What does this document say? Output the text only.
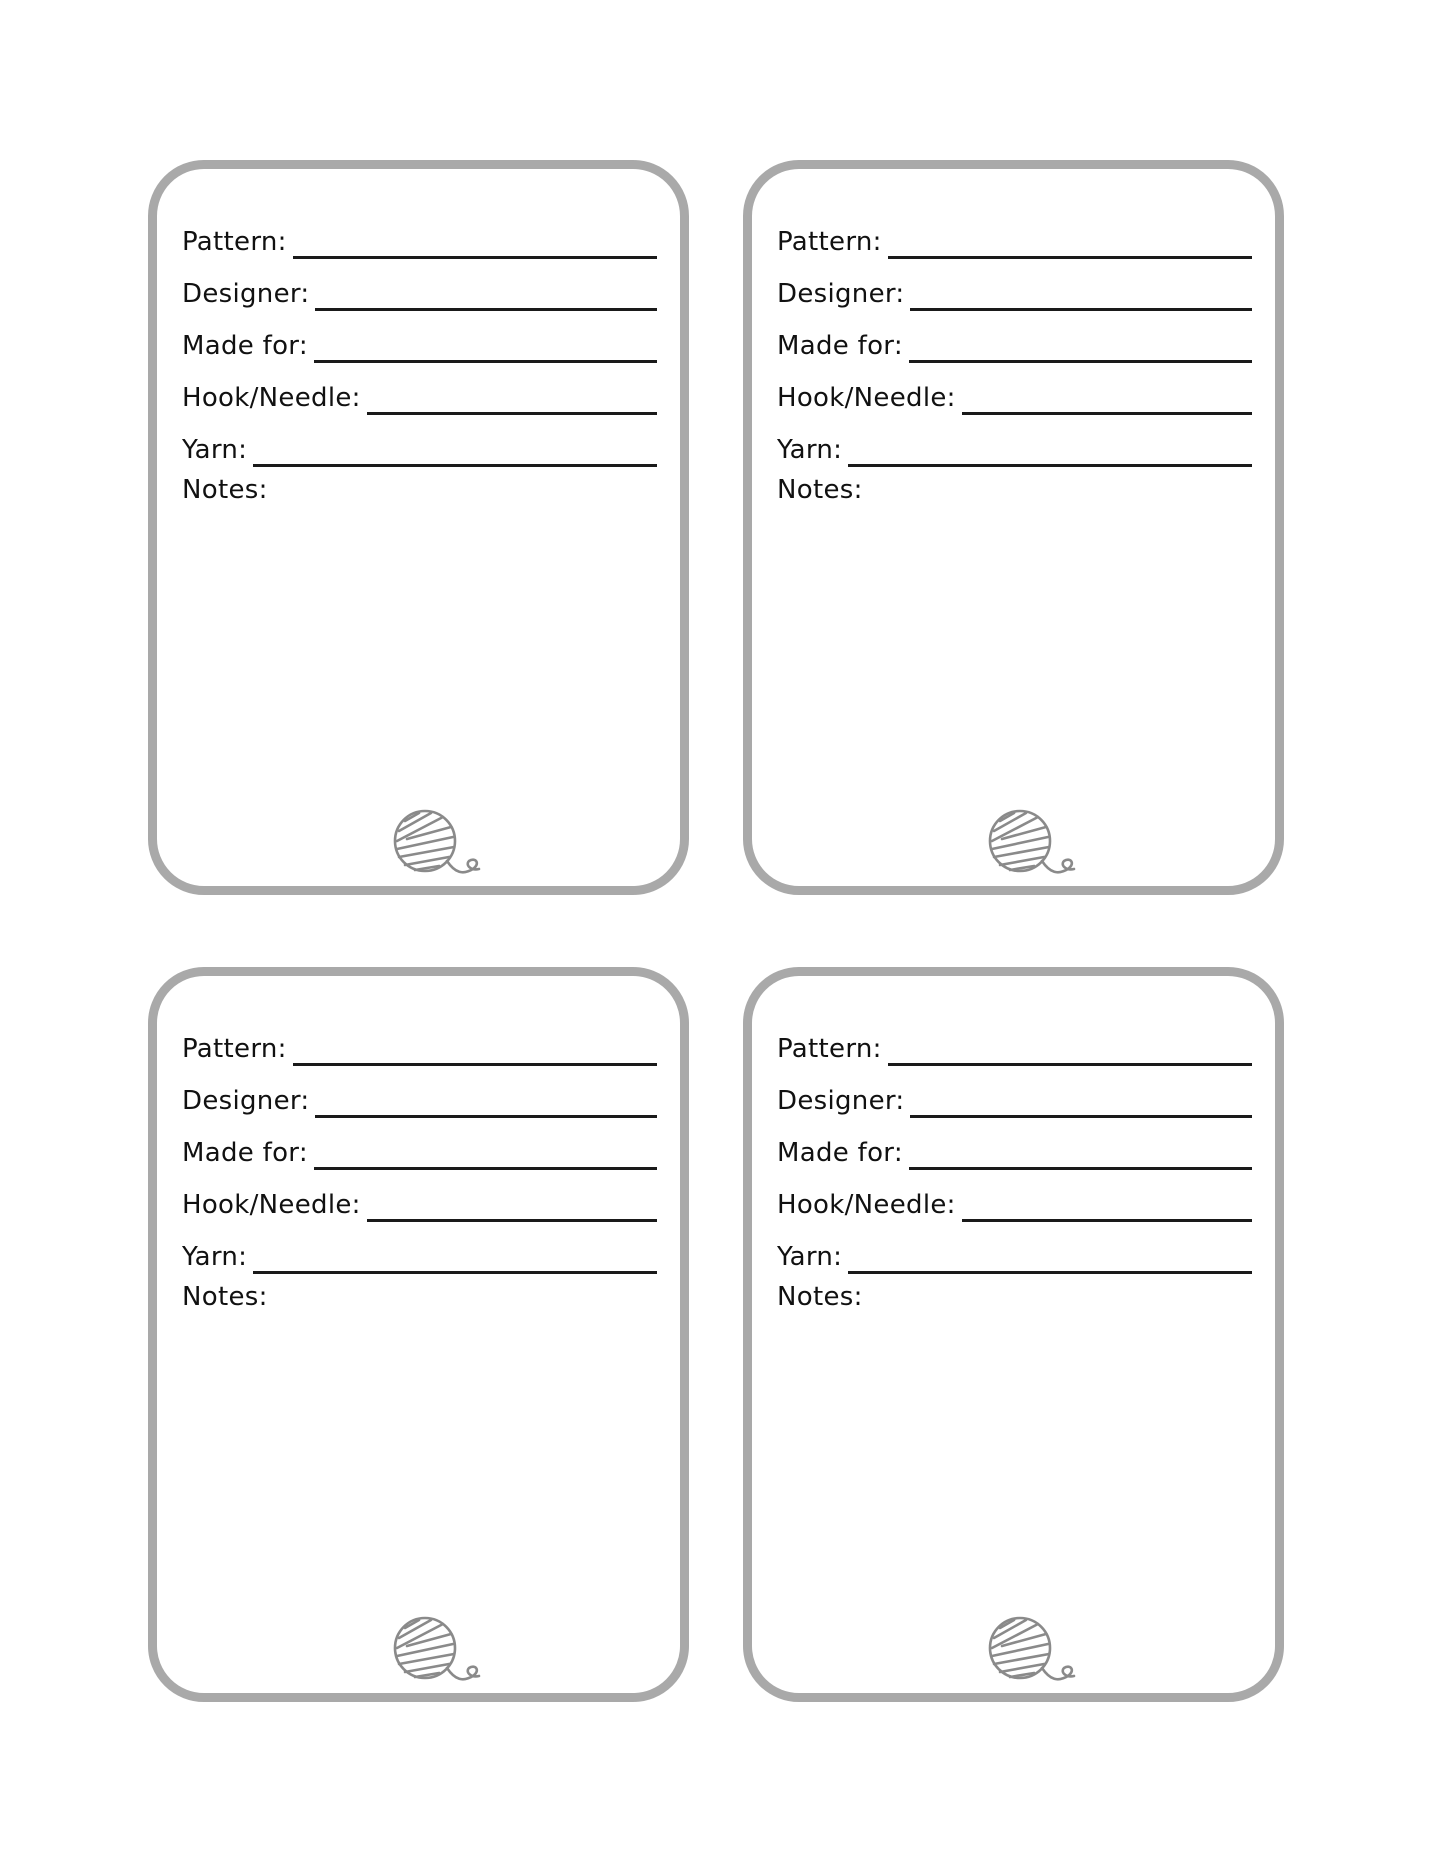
Pattern:
Designer:
Made for:
Hook/Needle:
Yarn:
Notes:
Pattern:
Designer:
Made for:
Hook/Needle:
Yarn:
Notes:
Pattern:
Designer:
Made for:
Hook/Needle:
Yarn:
Notes:
Pattern:
Designer:
Made for:
Hook/Needle:
Yarn:
Notes:
